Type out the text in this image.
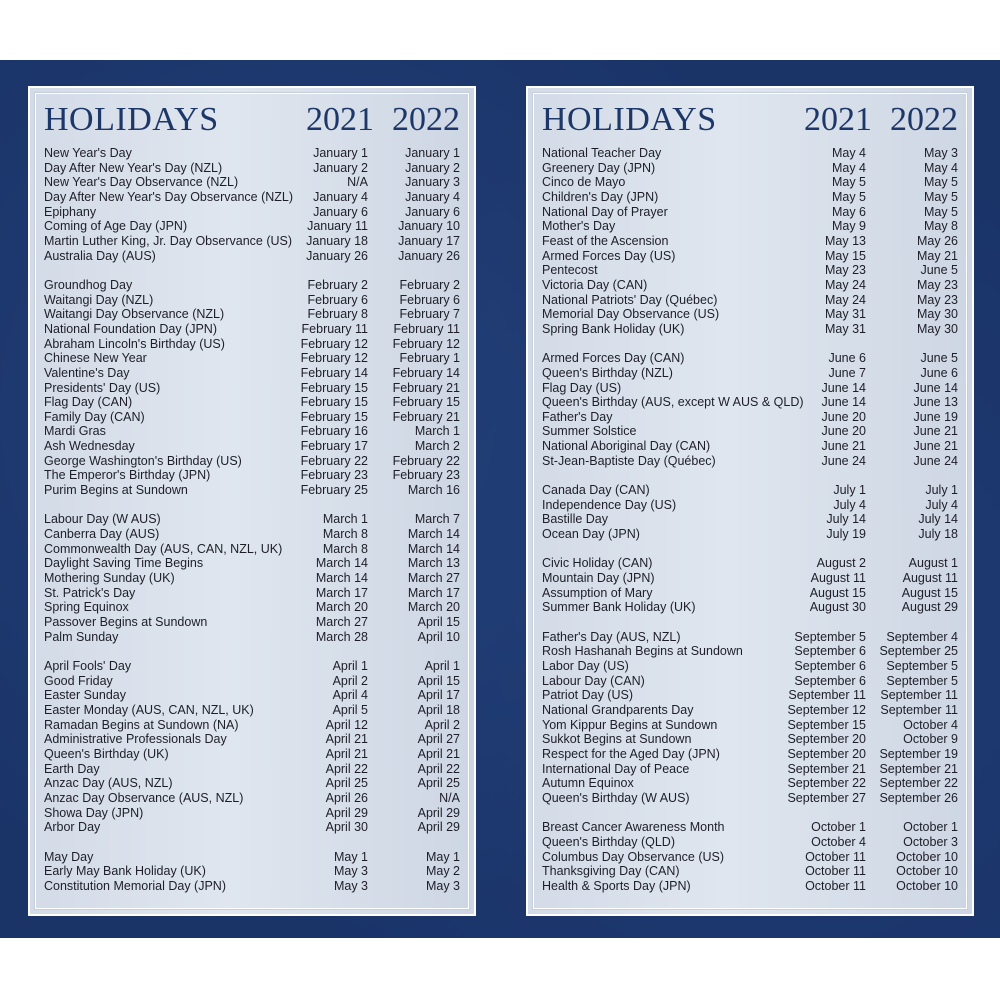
HOLIDAYS	2021 2022
New Year's Day	January 1	January 1
Day After New Year's Day (NZL)	January 2	January 2
New Year's Day Observance (NZL)	N/A	January 3
Day After New Year's Day Observance (NZL) January 4	January 4
Epiphany	January 6	January 6
Coming of Age Day (JPN)	January 11 January 10
Martin Luther King, Jr. Day Observance (US) January 18 January 17
Australia Day (AUS)	January 26 January 26
Groundhog Day	February 2	February 2
Waitangi Day (NZL)	February 6	February 6
Waitangi Day Observance (NZL)	February 8	February 7
National Foundation Day (JPN)	February 11 February 11
Abraham Lincoln's Birthday (US)	February 12 February 12
Chinese New Year	February 12	February 1
Valentine's Day	February 14 February 14
Presidents' Day (US)	February 15 February 21
Flag Day (CAN)	February 15 February 15
Family Day (CAN)	February 15 February 21
Mardi Gras	February 16	March 1
Ash Wednesday	February 17	March 2
George Washington's Birthday (US)	February 22 February 22
The Emperor's Birthday (JPN)	February 23 February 23
Purim Begins at Sundown	February 25	March 16
Labour Day (W AUS)	March 1	March 7
Canberra Day (AUS)	March 8	March 14
Commonwealth Day (AUS, CAN, NZL, UK)	March 8	March 14
Daylight Saving Time Begins	March 14	March 13
Mothering Sunday (UK)	March 14	March 27
St. Patrick's Day	March 17	March 17
Spring Equinox	March 20	March 20
Passover Begins at Sundown	March 27	April 15
Palm Sunday	March 28	April 10
April Fools' Day	April 1	April 1
Good Friday	April 2	April 15
Easter Sunday	April 4	April 17
Easter Monday (AUS, CAN, NZL, UK)	April 5	April 18
Ramadan Begins at Sundown (NA)	April 12	April 2
Administrative Professionals Day	April 21	April 27
Queen's Birthday (UK)	April 21	April 21
Earth Day	April 22	April 22
Anzac Day (AUS, NZL)	April 25	April 25
Anzac Day Observance (AUS, NZL)	April 26	N/A
Showa Day (JPN)	April 29	April 29
Arbor Day	April 30	April 29
May Day	May 1	May 1
Early May Bank Holiday (UK)	May 3	May 2
Constitution Memorial Day (JPN)	May 3	May 3
HOLIDAYS	2021 2022
National Teacher Day	May 4	May 3
Greenery Day (JPN)	May 4	May 4
Cinco de Mayo	May 5	May 5
Children's Day (JPN)	May 5	May 5
National Day of Prayer	May 6	May 5
Mother's Day	May 9	May 8
Feast of the Ascension	May 13	May 26
Armed Forces Day (US)	May 15	May 21
Pentecost	May 23	June 5
Victoria Day (CAN)	May 24	May 23
National Patriots' Day (Québec)	May 24	May 23
Memorial Day Observance (US)	May 31	May 30
Spring Bank Holiday (UK)	May 31	May 30
Armed Forces Day (CAN)	June 6	June 5
Queen's Birthday (NZL)	June 7	June 6
Flag Day (US)	June 14	June 14
Queen's Birthday (AUS, except W AUS & QLD) June 14	June 13
Father's Day	June 20	June 19
Summer Solstice	June 20	June 21
National Aboriginal Day (CAN)	June 21	June 21
St-Jean-Baptiste Day (Québec)	June 24	June 24
Canada Day (CAN)	July 1	July 1
Independence Day (US)	July 4	July 4
Bastille Day	July 14	July 14
Ocean Day (JPN)	July 19	July 18
Civic Holiday (CAN)	August 2	August 1
Mountain Day (JPN)	August 11	August 11
Assumption of Mary	August 15	August 15
Summer Bank Holiday (UK)	August 30	August 29
Father's Day (AUS, NZL)	September 5 September 4
Rosh Hashanah Begins at Sundown	September 6 September 25
Labor Day (US)	September 6 September 5
Labour Day (CAN)	September 6 September 5
Patriot Day (US)	September 11 September 11
National Grandparents Day	September 12 September 11
Yom Kippur Begins at Sundown	September 15	October 4
Sukkot Begins at Sundown	September 20	October 9
Respect for the Aged Day (JPN)	September 20 September 19
International Day of Peace	September 21 September 21
Autumn Equinox	September 22 September 22
Queen's Birthday (W AUS)	September 27 September 26
Breast Cancer Awareness Month	October 1	October 1
Queen's Birthday (QLD)	October 4	October 3
Columbus Day Observance (US)	October 11 October 10
Thanksgiving Day (CAN)	October 11 October 10
Health & Sports Day (JPN)	October 11 October 10
